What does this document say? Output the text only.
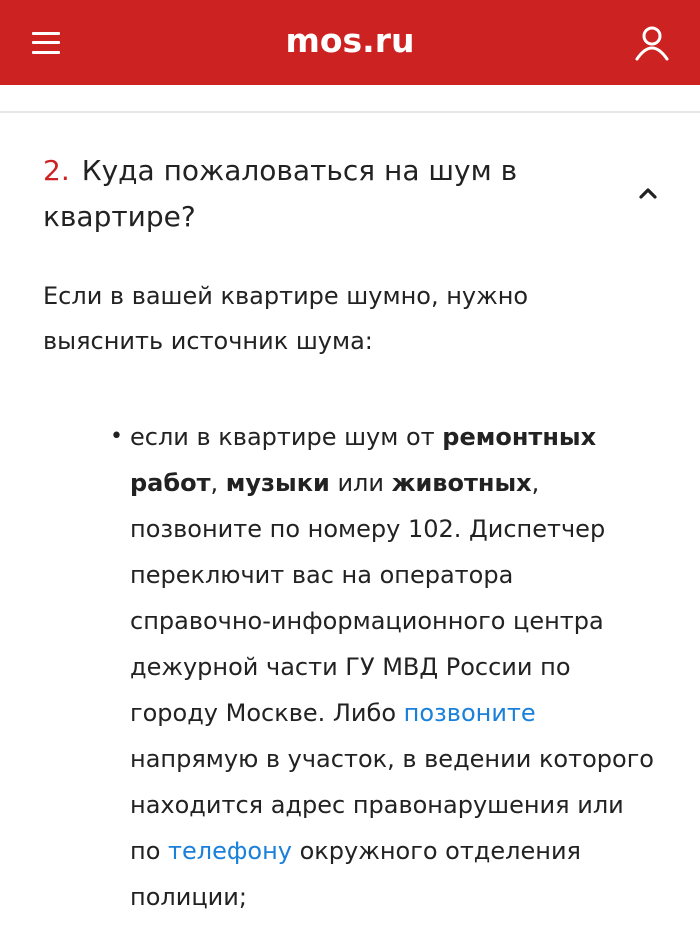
mos.ru
2. Куда пожаловаться на шум в квартире?
Если в вашей квартире шумно, нужно выяснить источник шума:
• если в квартире шум от ремонтных работ, музыки или животных, позвоните по номеру 102. Диспетчер переключит вас на оператора справочно-информационного центра дежурной части ГУ МВД России по городу Москве. Либо позвоните напрямую в участок, в ведении которого находится адрес правонарушения или по телефону окружного отделения полиции;
